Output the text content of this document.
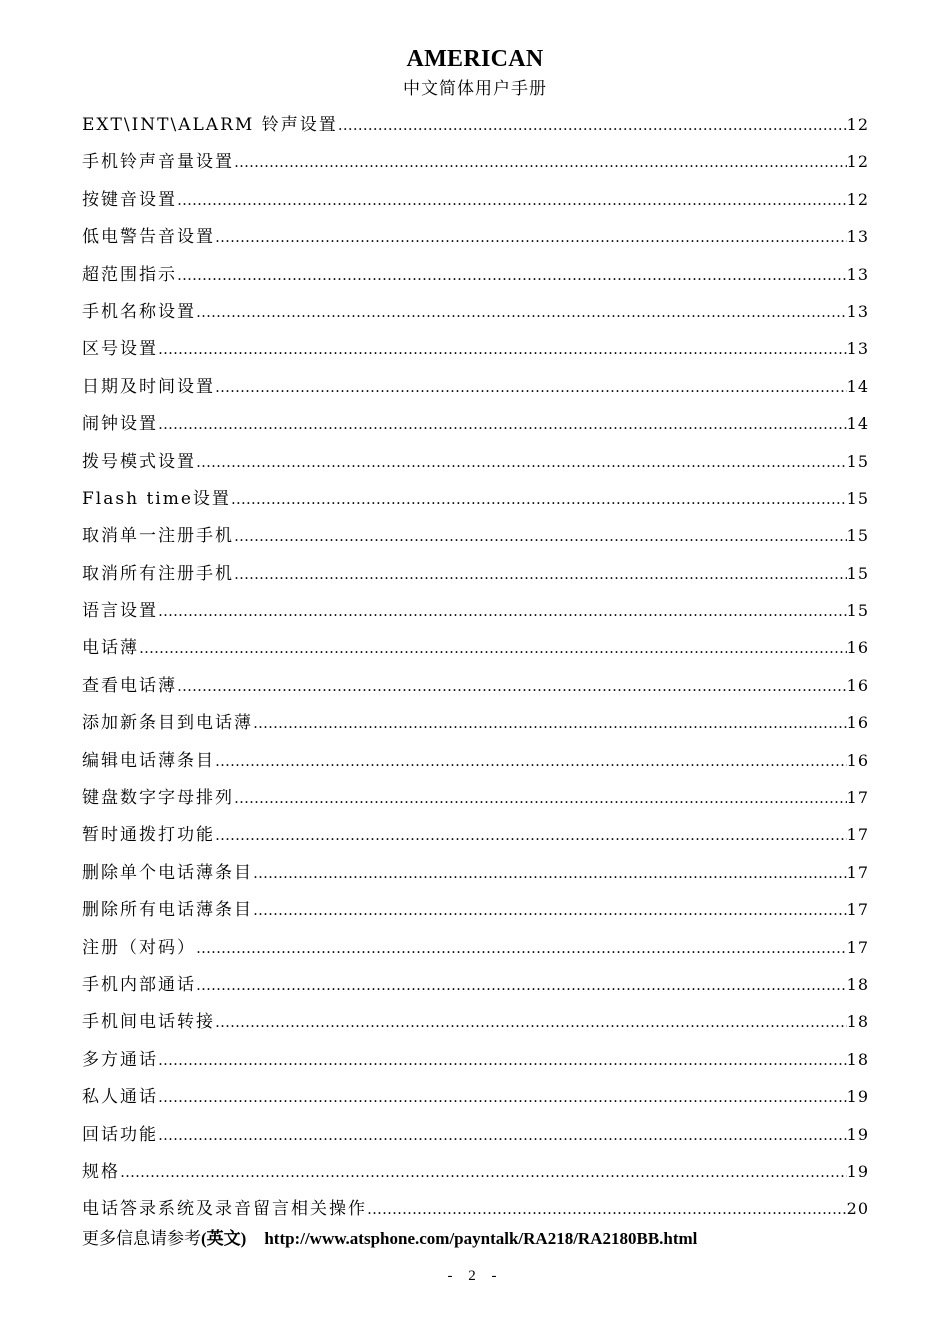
AMERICAN
中文简体用户手册
EXT\INT\ALARM 铃声设置 ………………………………………………………………………………………………………………………………………………………………………………………………………………	12
手机铃声音量设置 ………………………………………………………………………………………………………………………………………………………………………………………………………………	12
按键音设置 ………………………………………………………………………………………………………………………………………………………………………………………………………………	12
低电警告音设置 ………………………………………………………………………………………………………………………………………………………………………………………………………………	13
超范围指示 ………………………………………………………………………………………………………………………………………………………………………………………………………………	13
手机名称设置 ………………………………………………………………………………………………………………………………………………………………………………………………………………	13
区号设置 ………………………………………………………………………………………………………………………………………………………………………………………………………………	13
日期及时间设置 ………………………………………………………………………………………………………………………………………………………………………………………………………………	14
闹钟设置 ………………………………………………………………………………………………………………………………………………………………………………………………………………	14
拨号模式设置 ………………………………………………………………………………………………………………………………………………………………………………………………………………	15
Flash time设置 ………………………………………………………………………………………………………………………………………………………………………………………………………………	15
取消单一注册手机 ………………………………………………………………………………………………………………………………………………………………………………………………………………	15
取消所有注册手机 ………………………………………………………………………………………………………………………………………………………………………………………………………………	15
语言设置 ………………………………………………………………………………………………………………………………………………………………………………………………………………	15
电话薄 ………………………………………………………………………………………………………………………………………………………………………………………………………………	16
查看电话薄 ………………………………………………………………………………………………………………………………………………………………………………………………………………	16
添加新条目到电话薄 ………………………………………………………………………………………………………………………………………………………………………………………………………………	16
编辑电话薄条目 ………………………………………………………………………………………………………………………………………………………………………………………………………………	16
键盘数字字母排列 ………………………………………………………………………………………………………………………………………………………………………………………………………………	17
暂时通拨打功能 ………………………………………………………………………………………………………………………………………………………………………………………………………………	17
删除单个电话薄条目 ………………………………………………………………………………………………………………………………………………………………………………………………………………	17
删除所有电话薄条目 ………………………………………………………………………………………………………………………………………………………………………………………………………………	17
注册（对码） ………………………………………………………………………………………………………………………………………………………………………………………………………………	17
手机内部通话 ………………………………………………………………………………………………………………………………………………………………………………………………………………	18
手机间电话转接 ………………………………………………………………………………………………………………………………………………………………………………………………………………	18
多方通话 ………………………………………………………………………………………………………………………………………………………………………………………………………………	18
私人通话 ………………………………………………………………………………………………………………………………………………………………………………………………………………	19
回话功能 ………………………………………………………………………………………………………………………………………………………………………………………………………………	19
规格 ………………………………………………………………………………………………………………………………………………………………………………………………………………	19
电话答录系统及录音留言相关操作 ………………………………………………………………………………………………………………………………………………………………………………………………………………	20
更多信息请参考(英文) http://www.atsphone.com/payntalk/RA218/RA2180BB.html
- 2 -
